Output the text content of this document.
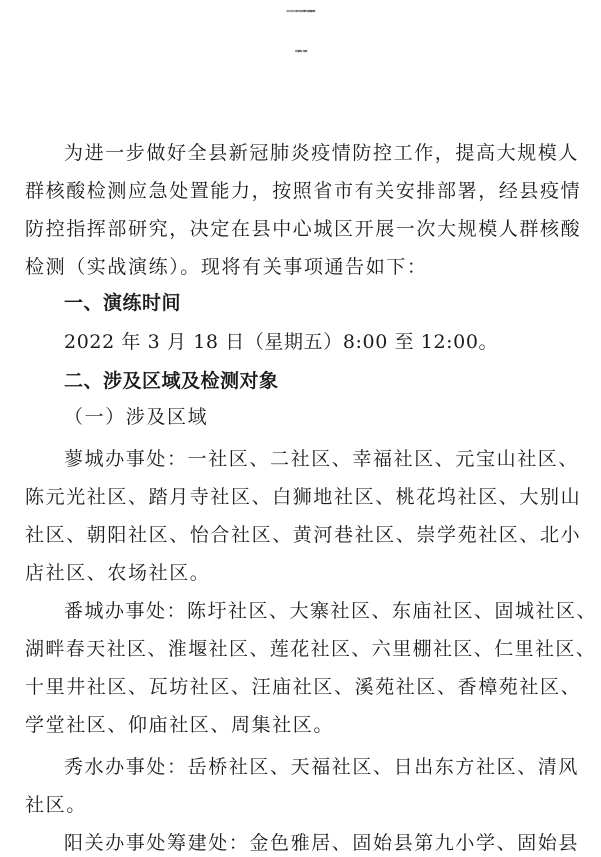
关于在县中心城区开展大规模人群核酸检测
（实战演练）的通告
为进一步做好全县新冠肺炎疫情防控工作，提高大规模人
群核酸检测应急处置能力，按照省市有关安排部署，经县疫情
防控指挥部研究，决定在县中心城区开展一次大规模人群核酸
检测（实战演练）。现将有关事项通告如下：
一、演练时间
2022 年 3 月 18 日（星期五）8:00 至 12:00。
二、涉及区域及检测对象
（一）涉及区域
蓼城办事处：一社区、二社区、幸福社区、元宝山社区、
陈元光社区、踏月寺社区、白狮地社区、桃花坞社区、大别山
社区、朝阳社区、怡合社区、黄河巷社区、崇学苑社区、北小
店社区、农场社区。
番城办事处：陈圩社区、大寨社区、东庙社区、固城社区、
湖畔春天社区、淮堰社区、莲花社区、六里棚社区、仁里社区、
十里井社区、瓦坊社区、汪庙社区、溪苑社区、香樟苑社区、
学堂社区、仰庙社区、周集社区。
秀水办事处：岳桥社区、天福社区、日出东方社区、清风
社区。
阳关办事处筹建处：金色雅居、固始县第九小学、固始县
